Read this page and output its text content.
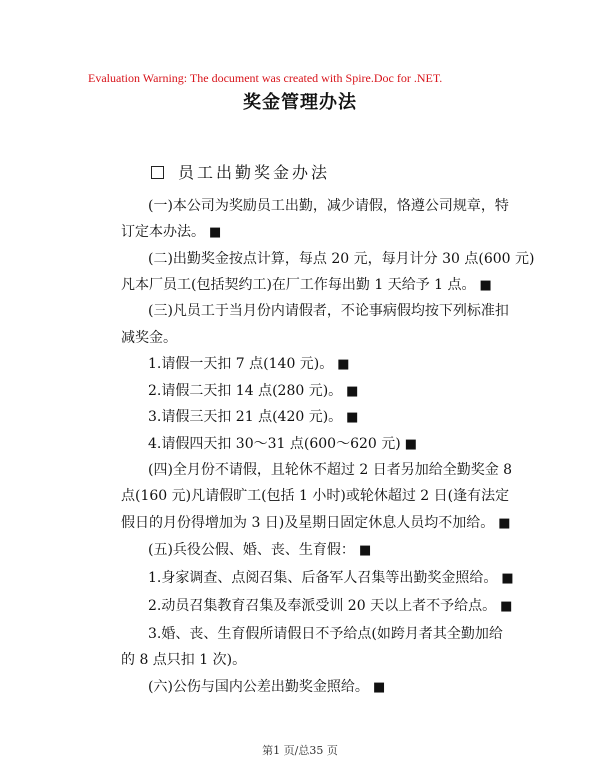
Evaluation Warning: The document was created with Spire.Doc for .NET.
奖金管理办法
员工出勤奖金办法
(一)本公司为奖励员工出勤，减少请假，恪遵公司规章，特
订定本办法。 ■
(二)出勤奖金按点计算，每点 20 元，每月计分 30 点(600 元)
凡本厂员工(包括契约工)在厂工作每出勤 1 天给予 1 点。 ■
(三)凡员工于当月份内请假者，不论事病假均按下列标准扣
减奖金。
1.请假一天扣 7 点(140 元)。 ■
2.请假二天扣 14 点(280 元)。 ■
3.请假三天扣 21 点(420 元)。 ■
4.请假四天扣 30～31 点(600～620 元) ■
(四)全月份不请假，且轮休不超过 2 日者另加给全勤奖金 8
点(160 元)凡请假旷工(包括 1 小时)或轮休超过 2 日(逢有法定
假日的月份得增加为 3 日)及星期日固定休息人员均不加给。 ■
(五)兵役公假、婚、丧、生育假： ■
1.身家调查、点阅召集、后备军人召集等出勤奖金照给。 ■
2.动员召集教育召集及奉派受训 20 天以上者不予给点。 ■
3.婚、丧、生育假所请假日不予给点(如跨月者其全勤加给
的 8 点只扣 1 次)。
(六)公伤与国内公差出勤奖金照给。 ■
第1 页/总35 页
